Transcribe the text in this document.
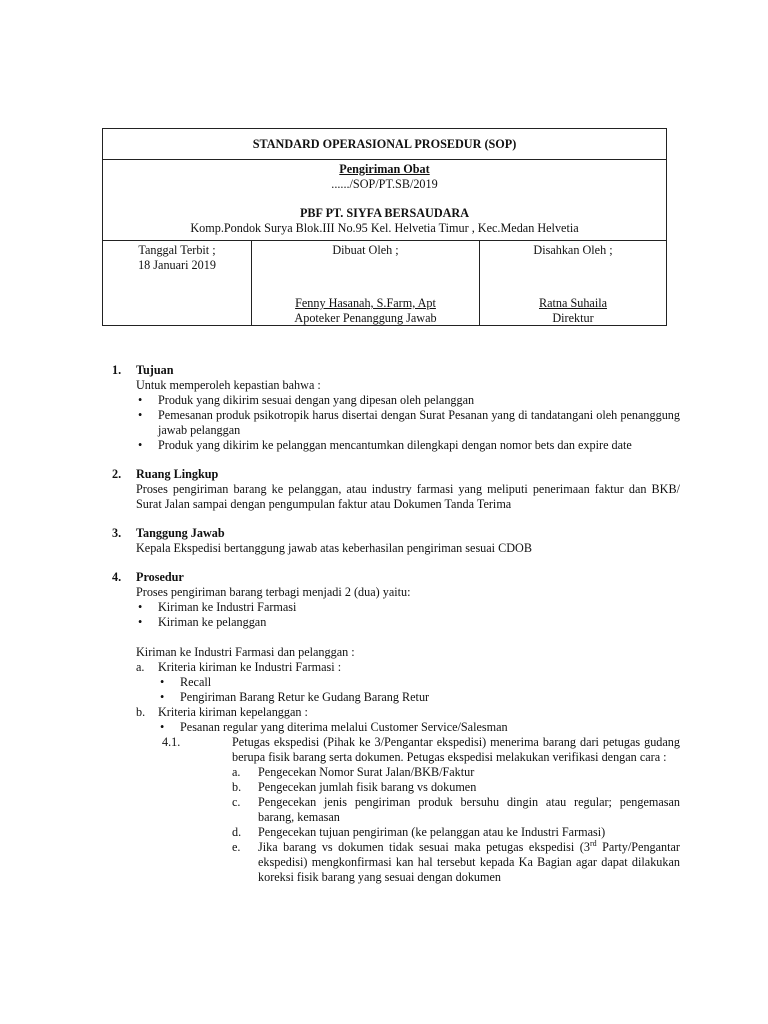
STANDARD OPERASIONAL PROSEDUR (SOP)
Pengiriman Obat
....../SOP/PT.SB/2019
PBF PT. SIYFA BERSAUDARA
Komp.Pondok Surya Blok.III No.95 Kel. Helvetia Timur , Kec.Medan Helvetia
Tanggal Terbit ;
18 Januari 2019
Dibuat Oleh ;
Fenny Hasanah, S.Farm, Apt
Apoteker Penanggung Jawab
Disahkan Oleh ;
Ratna Suhaila
Direktur
1. Tujuan
Untuk memperoleh kepastian bahwa :
• Produk yang dikirim sesuai dengan yang dipesan oleh pelanggan
• Pemesanan produk psikotropik harus disertai dengan Surat Pesanan yang di tandatangani oleh penanggung jawab pelanggan
• Produk yang dikirim ke pelanggan mencantumkan dilengkapi dengan nomor bets dan expire date
2. Ruang Lingkup
Proses pengiriman barang ke pelanggan, atau industry farmasi yang meliputi penerimaan faktur dan BKB/ Surat Jalan sampai dengan pengumpulan faktur atau Dokumen Tanda Terima
3. Tanggung Jawab
Kepala Ekspedisi bertanggung jawab atas keberhasilan pengiriman sesuai CDOB
4. Prosedur
Proses pengiriman barang terbagi menjadi 2 (dua) yaitu:
• Kiriman ke Industri Farmasi
• Kiriman ke pelanggan
Kiriman ke Industri Farmasi dan pelanggan :
a. Kriteria kiriman ke Industri Farmasi :
• Recall
• Pengiriman Barang Retur ke Gudang Barang Retur
b. Kriteria kiriman kepelanggan :
• Pesanan regular yang diterima melalui Customer Service/Salesman
4.1.	Petugas ekspedisi (Pihak ke 3/Pengantar ekspedisi) menerima barang dari petugas gudang berupa fisik barang serta dokumen. Petugas ekspedisi melakukan verifikasi dengan cara :
a. Pengecekan Nomor Surat Jalan/BKB/Faktur
b. Pengecekan jumlah fisik barang vs dokumen
c. Pengecekan jenis pengiriman produk bersuhu dingin atau regular; pengemasan barang, kemasan
d. Pengecekan tujuan pengiriman (ke pelanggan atau ke Industri Farmasi)
e. Jika barang vs dokumen tidak sesuai maka petugas ekspedisi (3rd Party/Pengantar ekspedisi) mengkonfirmasi kan hal tersebut kepada Ka Bagian agar dapat dilakukan koreksi fisik barang yang sesuai dengan dokumen
